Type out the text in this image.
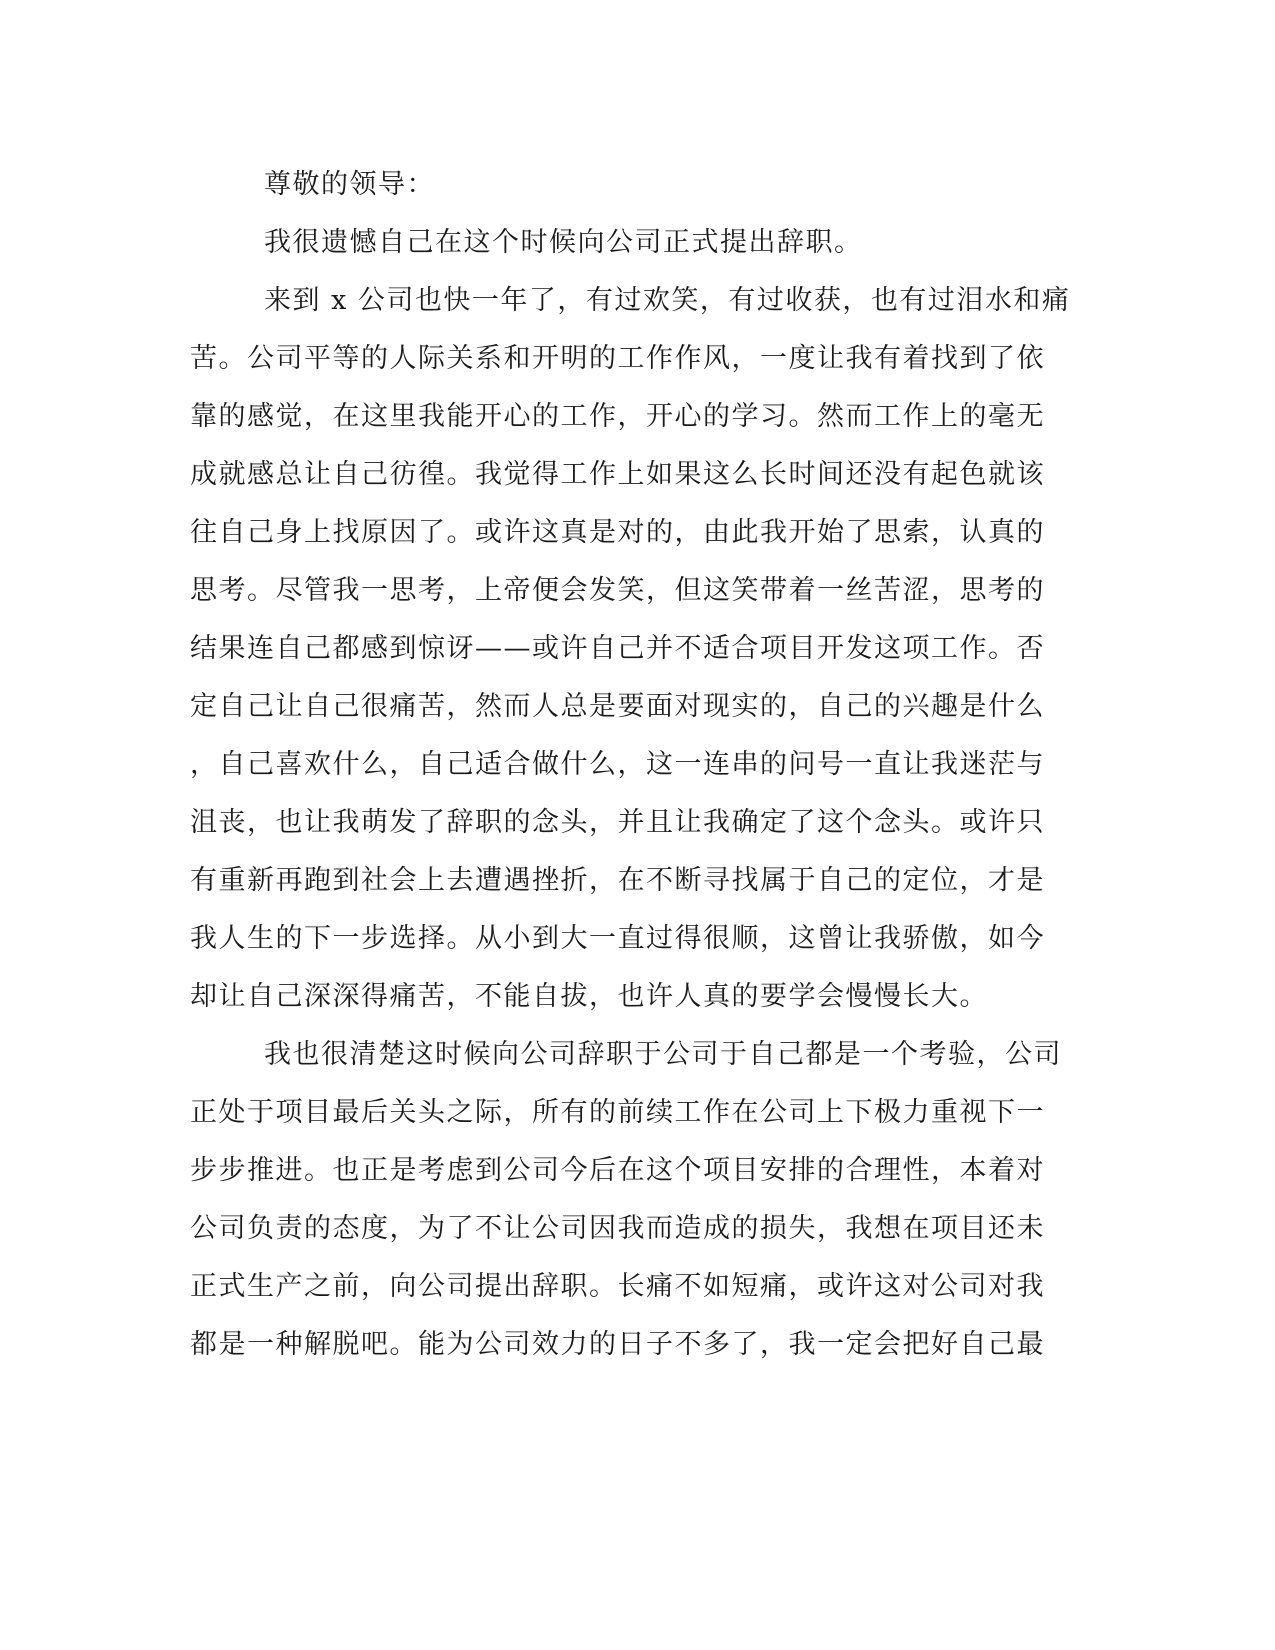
尊敬的领导：
我很遗憾自己在这个时候向公司正式提出辞职。
来到 x 公司也快一年了，有过欢笑，有过收获，也有过泪水和痛
苦。公司平等的人际关系和开明的工作作风，一度让我有着找到了依
靠的感觉，在这里我能开心的工作，开心的学习。然而工作上的毫无
成就感总让自己彷徨。我觉得工作上如果这么长时间还没有起色就该
往自己身上找原因了。或许这真是对的，由此我开始了思索，认真的
思考。尽管我一思考，上帝便会发笑，但这笑带着一丝苦涩，思考的
结果连自己都感到惊讶——或许自己并不适合项目开发这项工作。否
定自己让自己很痛苦，然而人总是要面对现实的，自己的兴趣是什么
，自己喜欢什么，自己适合做什么，这一连串的问号一直让我迷茫与
沮丧，也让我萌发了辞职的念头，并且让我确定了这个念头。或许只
有重新再跑到社会上去遭遇挫折，在不断寻找属于自己的定位，才是
我人生的下一步选择。从小到大一直过得很顺，这曾让我骄傲，如今
却让自己深深得痛苦，不能自拔，也许人真的要学会慢慢长大。
我也很清楚这时候向公司辞职于公司于自己都是一个考验，公司
正处于项目最后关头之际，所有的前续工作在公司上下极力重视下一
步步推进。也正是考虑到公司今后在这个项目安排的合理性，本着对
公司负责的态度，为了不让公司因我而造成的损失，我想在项目还未
正式生产之前，向公司提出辞职。长痛不如短痛，或许这对公司对我
都是一种解脱吧。能为公司效力的日子不多了，我一定会把好自己最
